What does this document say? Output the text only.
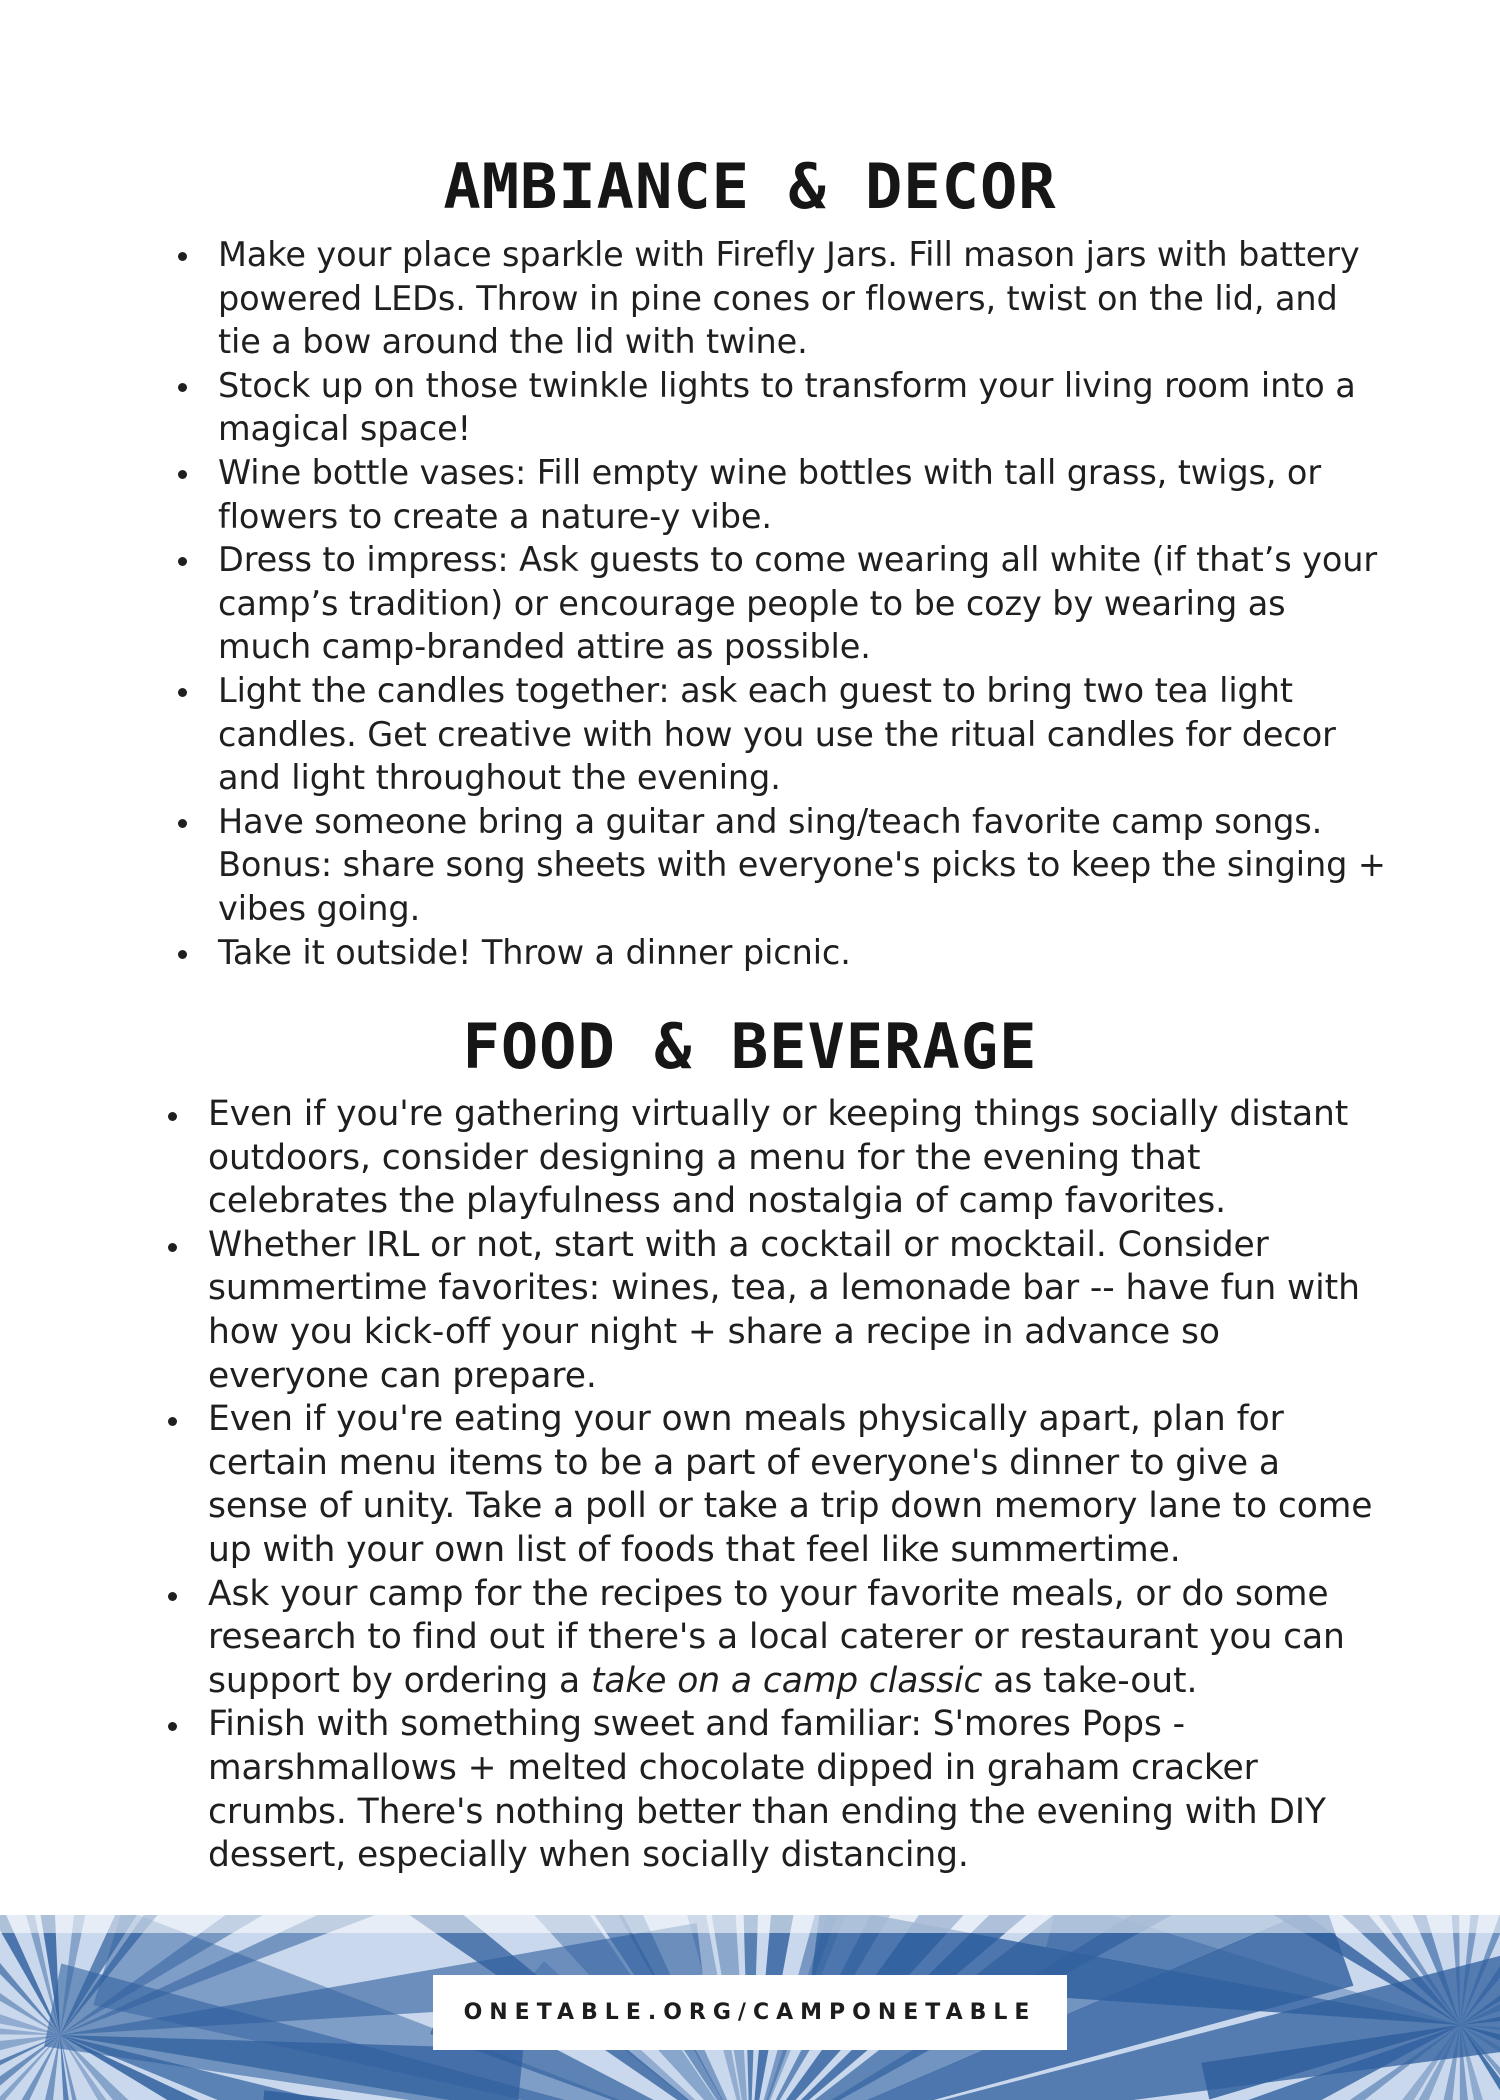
AMBIANCE & DECOR
Make your place sparkle with Firefly Jars. Fill mason jars with battery powered LEDs. Throw in pine cones or flowers, twist on the lid, and tie a bow around the lid with twine.
Stock up on those twinkle lights to transform your living room into a magical space!
Wine bottle vases: Fill empty wine bottles with tall grass, twigs, or flowers to create a nature-y vibe.
Dress to impress: Ask guests to come wearing all white (if that’s your camp’s tradition) or encourage people to be cozy by wearing as much camp-branded attire as possible.
Light the candles together: ask each guest to bring two tea light candles. Get creative with how you use the ritual candles for decor and light throughout the evening.
Have someone bring a guitar and sing/teach favorite camp songs. Bonus: share song sheets with everyone's picks to keep the singing + vibes going.
Take it outside! Throw a dinner picnic.
FOOD & BEVERAGE
Even if you're gathering virtually or keeping things socially distant outdoors, consider designing a menu for the evening that celebrates the playfulness and nostalgia of camp favorites.
Whether IRL or not, start with a cocktail or mocktail. Consider summertime favorites: wines, tea, a lemonade bar -- have fun with how you kick-off your night + share a recipe in advance so everyone can prepare.
Even if you're eating your own meals physically apart, plan for certain menu items to be a part of everyone's dinner to give a sense of unity. Take a poll or take a trip down memory lane to come up with your own list of foods that feel like summertime.
Ask your camp for the recipes to your favorite meals, or do some research to find out if there's a local caterer or restaurant you can support by ordering a take on a camp classic as take-out.
Finish with something sweet and familiar: S'mores Pops - marshmallows + melted chocolate dipped in graham cracker crumbs. There's nothing better than ending the evening with DIY dessert, especially when socially distancing.
ONETABLE.ORG/CAMPONETABLE
